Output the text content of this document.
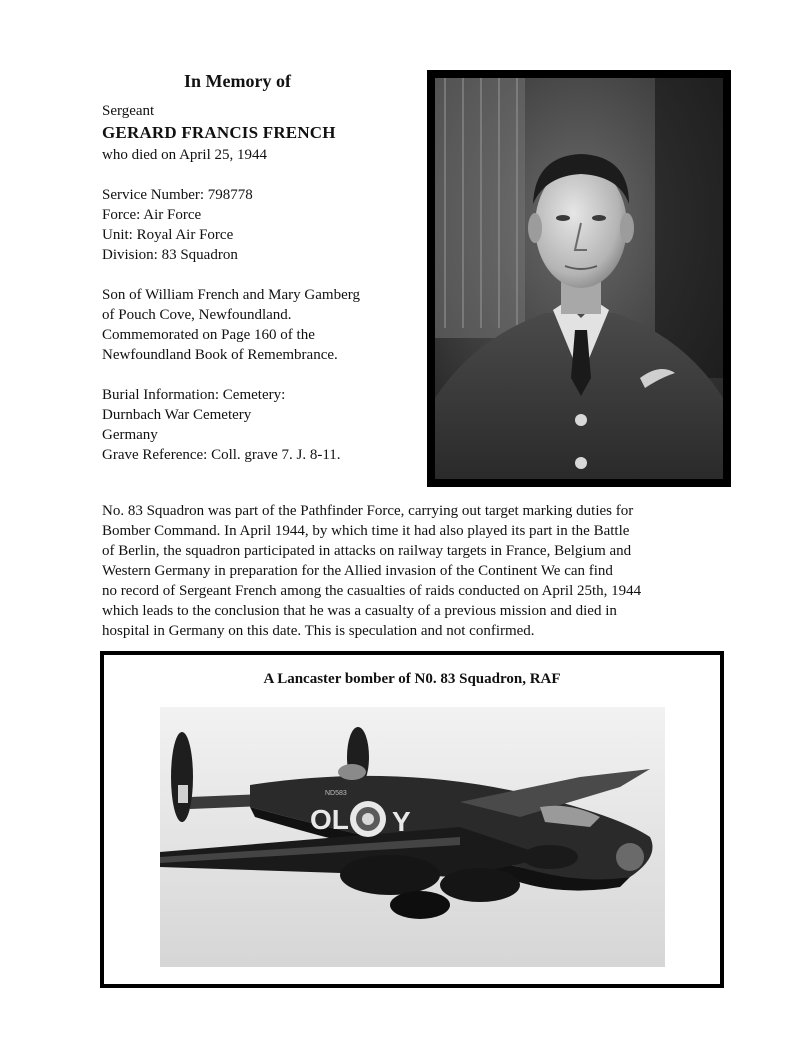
In Memory of
Sergeant
GERARD FRANCIS FRENCH
who died on April 25, 1944
Service Number: 798778
Force: Air Force
Unit: Royal Air Force
Division: 83 Squadron
Son of William French and Mary Gamberg
of Pouch Cove, Newfoundland.
Commemorated on Page 160 of the
Newfoundland Book of Remembrance.
Burial Information: Cemetery:
Durnbach War Cemetery
Germany
Grave Reference: Coll. grave 7. J. 8-11.
No. 83 Squadron was part of the Pathfinder Force, carrying out target marking duties for
Bomber Command. In April 1944, by which time it had also played its part in the Battle
of Berlin, the squadron participated in attacks on railway targets in France, Belgium and
Western Germany in preparation for the Allied invasion of the Continent We can find
no record of Sergeant French among the casualties of raids conducted on April 25th, 1944
which leads to the conclusion that he was a casualty of a previous mission and died in
hospital in Germany on this date. This is speculation and not confirmed.
A Lancaster bomber of N0. 83 Squadron, RAF
OL Y
ND583
